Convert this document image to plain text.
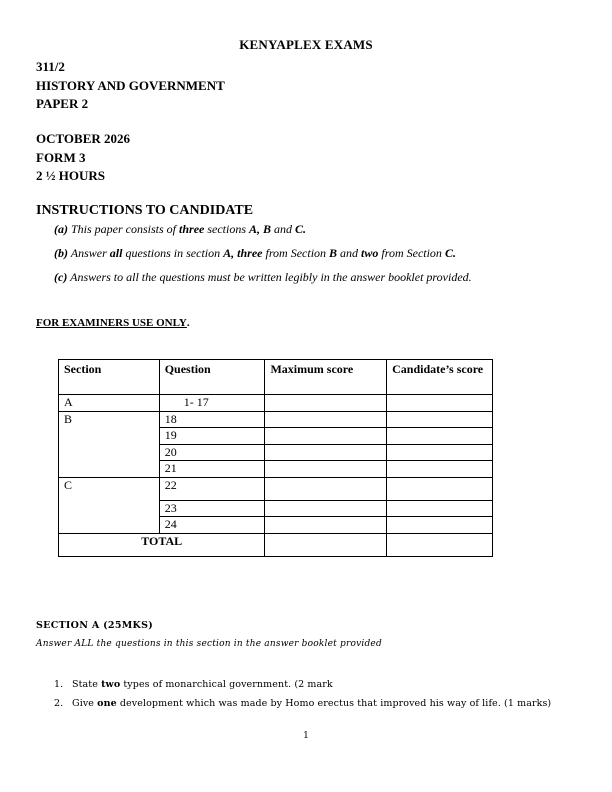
KENYAPLEX EXAMS
311/2
HISTORY AND GOVERNMENT
PAPER 2
OCTOBER 2026
FORM 3
2 ½ HOURS
INSTRUCTIONS TO CANDIDATE
(a) This paper consists of three sections A, B and C.
(b) Answer all questions in section A, three from Section B and two from Section C.
(c) Answers to all the questions must be written legibly in the answer booklet provided.
FOR EXAMINERS USE ONLY.
Section	Question	Maximum score	Candidate’s score
A	1- 17		
B	18		
	19		
	20		
	21		
C	22		
	23		
	24		
TOTAL			
SECTION A (25MKS)
Answer ALL the questions in this section in the answer booklet provided
1. State two types of monarchical government. (2 mark
2. Give one development which was made by Homo erectus that improved his way of life. (1 marks)
1
